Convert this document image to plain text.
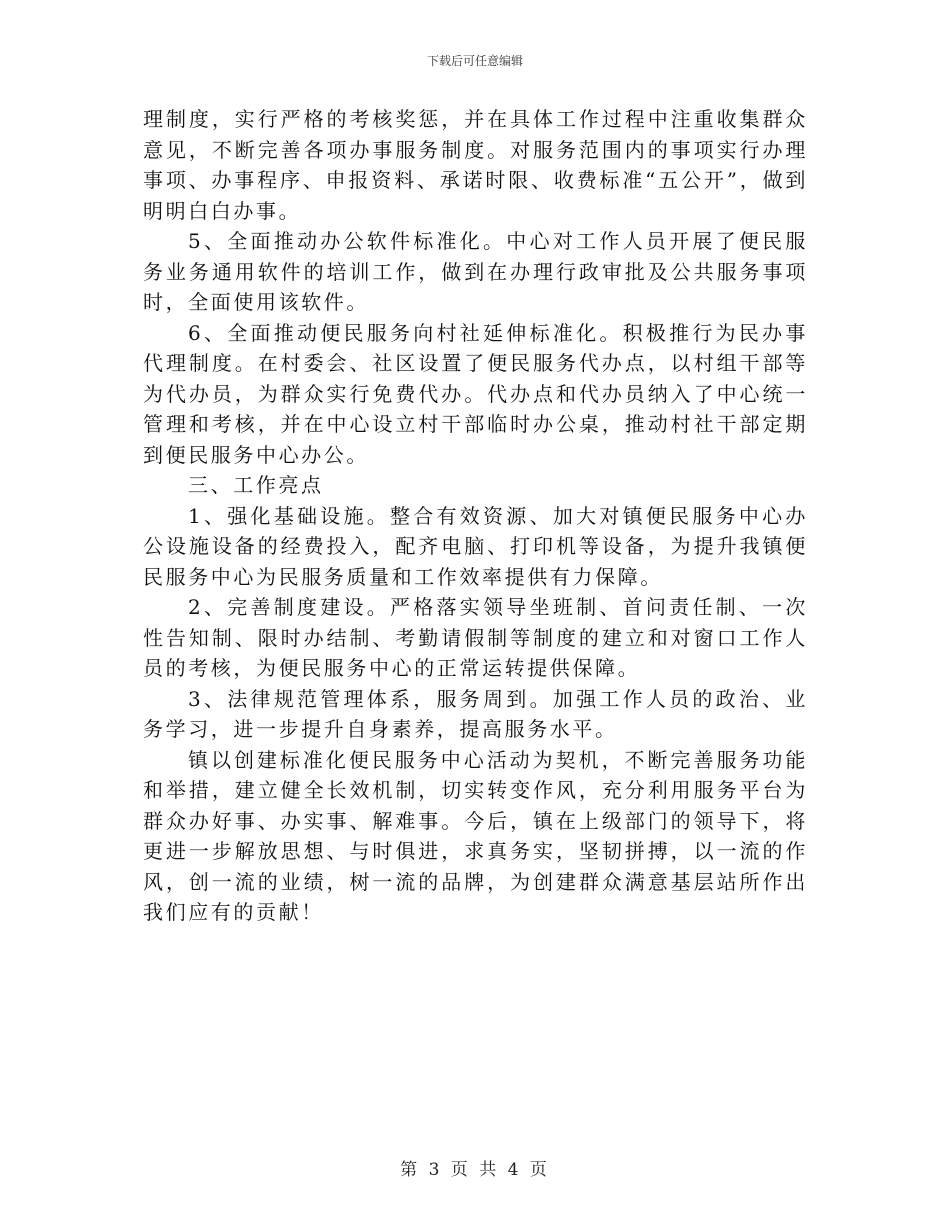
下载后可任意编辑

理制度，实行严格的考核奖惩，并在具体工作过程中注重收集群众意见，不断完善各项办事服务制度。对服务范围内的事项实行办理事项、办事程序、申报资料、承诺时限、收费标准“五公开”，做到明明白白办事。

5、全面推动办公软件标准化。中心对工作人员开展了便民服务业务通用软件的培训工作，做到在办理行政审批及公共服务事项时，全面使用该软件。

6、全面推动便民服务向村社延伸标准化。积极推行为民办事代理制度。在村委会、社区设置了便民服务代办点，以村组干部等为代办员，为群众实行免费代办。代办点和代办员纳入了中心统一管理和考核，并在中心设立村干部临时办公桌，推动村社干部定期到便民服务中心办公。

三、工作亮点

1、强化基础设施。整合有效资源、加大对镇便民服务中心办公设施设备的经费投入，配齐电脑、打印机等设备，为提升我镇便民服务中心为民服务质量和工作效率提供有力保障。

2、完善制度建设。严格落实领导坐班制、首问责任制、一次性告知制、限时办结制、考勤请假制等制度的建立和对窗口工作人员的考核，为便民服务中心的正常运转提供保障。

3、法律规范管理体系，服务周到。加强工作人员的政治、业务学习，进一步提升自身素养，提高服务水平。

镇以创建标准化便民服务中心活动为契机，不断完善服务功能和举措，建立健全长效机制，切实转变作风，充分利用服务平台为群众办好事、办实事、解难事。今后，镇在上级部门的领导下，将更进一步解放思想、与时俱进，求真务实，坚韧拼搏，以一流的作风，创一流的业绩，树一流的品牌，为创建群众满意基层站所作出我们应有的贡献！

第 3 页 共 4 页
